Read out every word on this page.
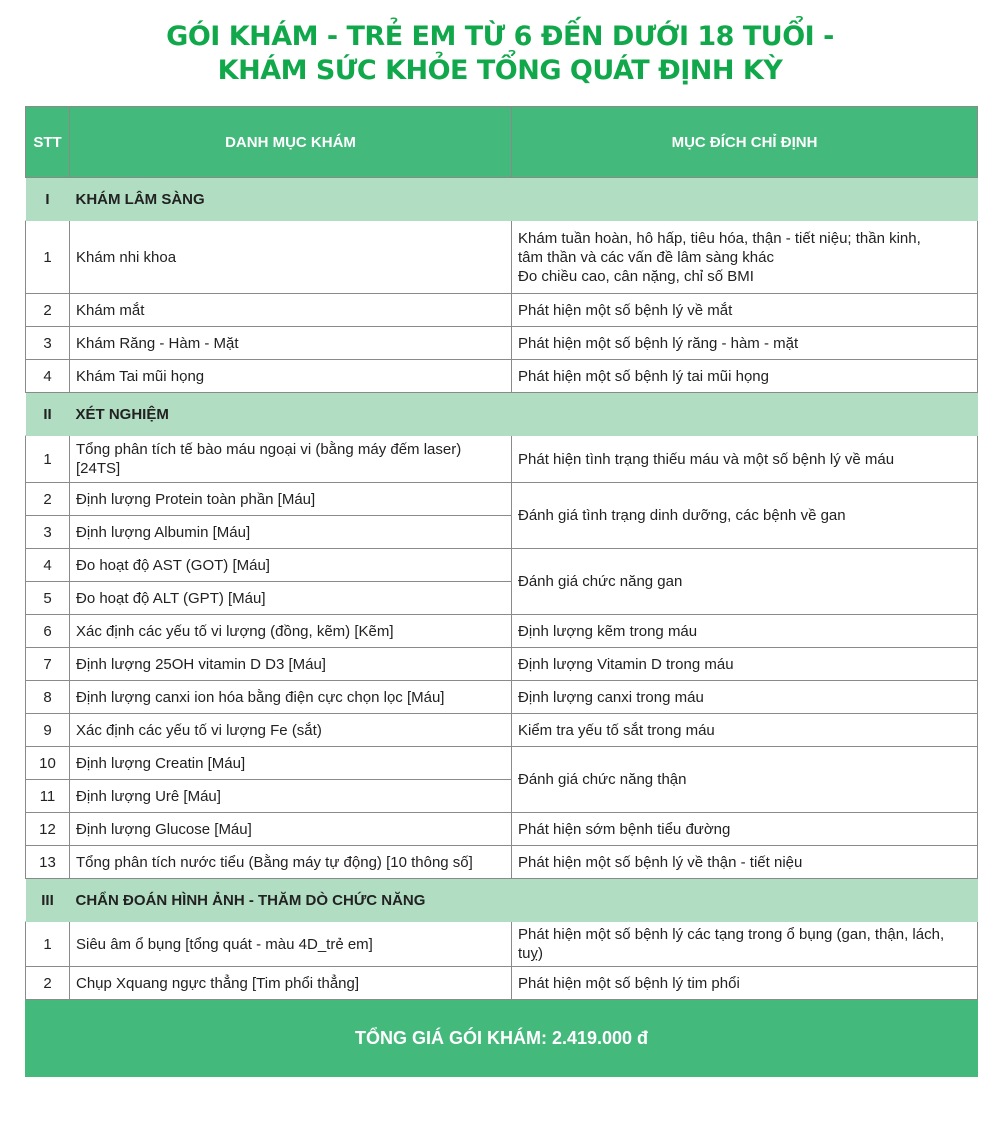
GÓI KHÁM - TRẺ EM TỪ 6 ĐẾN DƯỚI 18 TUỔI -
KHÁM SỨC KHỎE TỔNG QUÁT ĐỊNH KỲ
STT	DANH MỤC KHÁM	MỤC ĐÍCH CHỈ ĐỊNH
I	KHÁM LÂM SÀNG	
1	Khám nhi khoa	Khám tuần hoàn, hô hấp, tiêu hóa, thận - tiết niệu; thần kinh,
tâm thần và các vấn đề lâm sàng khác
Đo chiều cao, cân nặng, chỉ số BMI

2	Khám mắt	Phát hiện một số bệnh lý về mắt
3	Khám Răng - Hàm - Mặt	Phát hiện một số bệnh lý răng - hàm - mặt
4	Khám Tai mũi họng	Phát hiện một số bệnh lý tai mũi họng
II	XÉT NGHIỆM	
1	Tổng phân tích tế bào máu ngoại vi (bằng máy đếm laser) [24TS]	Phát hiện tình trạng thiếu máu và một số bệnh lý về máu
2	Định lượng Protein toàn phần [Máu]	Đánh giá tình trạng dinh dưỡng, các bệnh về gan
3	Định lượng Albumin [Máu]	
4	Đo hoạt độ AST (GOT) [Máu]	Đánh giá chức năng gan
5	Đo hoạt độ ALT (GPT) [Máu]	
6	Xác định các yếu tố vi lượng (đồng, kẽm) [Kẽm]	Định lượng kẽm trong máu
7	Định lượng 25OH vitamin D D3 [Máu]	Định lượng Vitamin D trong máu
8	Định lượng canxi ion hóa bằng điện cực chọn lọc [Máu]	Định lượng canxi trong máu
9	Xác định các yếu tố vi lượng Fe (sắt)	Kiểm tra yếu tố sắt trong máu
10	Định lượng Creatin [Máu]	Đánh giá chức năng thận
11	Định lượng Urê [Máu]	
12	Định lượng Glucose [Máu]	Phát hiện sớm bệnh tiểu đường
13	Tổng phân tích nước tiểu (Bằng máy tự động) [10 thông số]	Phát hiện một số bệnh lý về thận - tiết niệu
III	CHẨN ĐOÁN HÌNH ẢNH - THĂM DÒ CHỨC NĂNG	
1	Siêu âm ổ bụng [tổng quát - màu 4D_trẻ em]	Phát hiện một số bệnh lý các tạng trong ổ bụng (gan, thận, lách, tuỵ)
2	Chụp Xquang ngực thẳng [Tim phổi thẳng]	Phát hiện một số bệnh lý tim phổi
TỔNG GIÁ GÓI KHÁM: 2.419.000 đ		
